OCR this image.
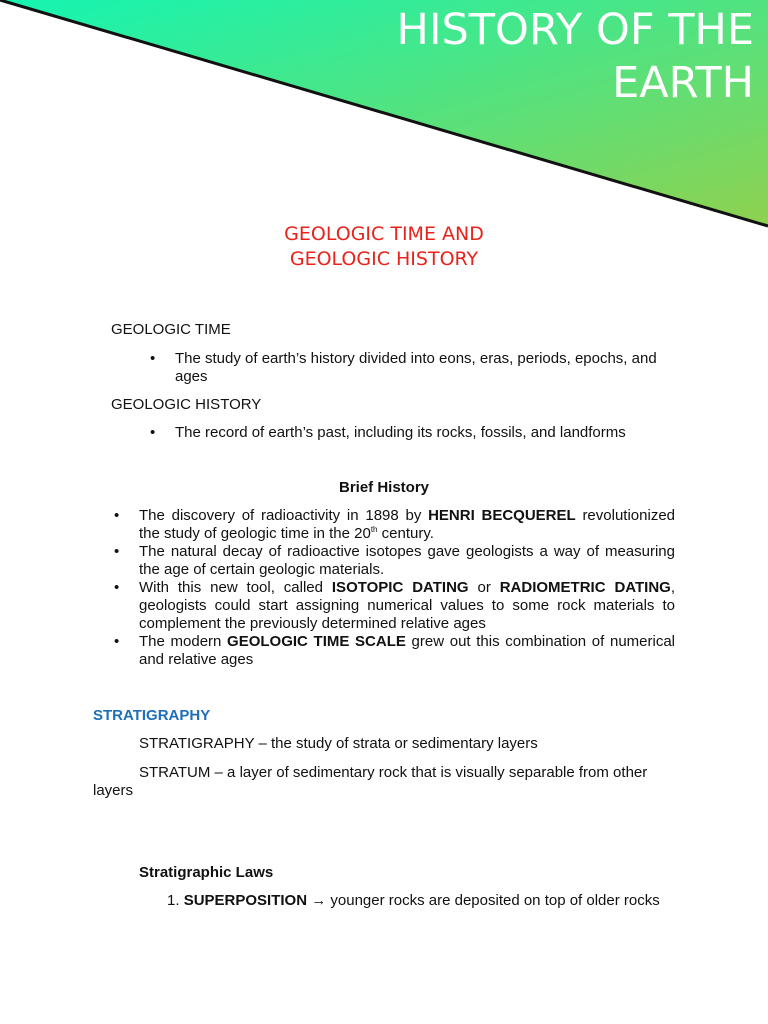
HISTORY OF THE
EARTH
GEOLOGIC TIME AND
GEOLOGIC HISTORY
GEOLOGIC TIME
• The study of earth’s history divided into eons, eras, periods, epochs, and ages
GEOLOGIC HISTORY
• The record of earth’s past, including its rocks, fossils, and landforms
Brief History
• The discovery of radioactivity in 1898 by HENRI BECQUEREL revolutionized the study of geologic time in the 20th century.
• The natural decay of radioactive isotopes gave geologists a way of measuring the age of certain geologic materials.
• With this new tool, called ISOTOPIC DATING or RADIOMETRIC DATING, geologists could start assigning numerical values to some rock materials to complement the previously determined relative ages
• The modern GEOLOGIC TIME SCALE grew out this combination of numerical and relative ages
STRATIGRAPHY
STRATIGRAPHY – the study of strata or sedimentary layers
STRATUM – a layer of sedimentary rock that is visually separable from other
layers
Stratigraphic Laws
1. SUPERPOSITION → younger rocks are deposited on top of older rocks
